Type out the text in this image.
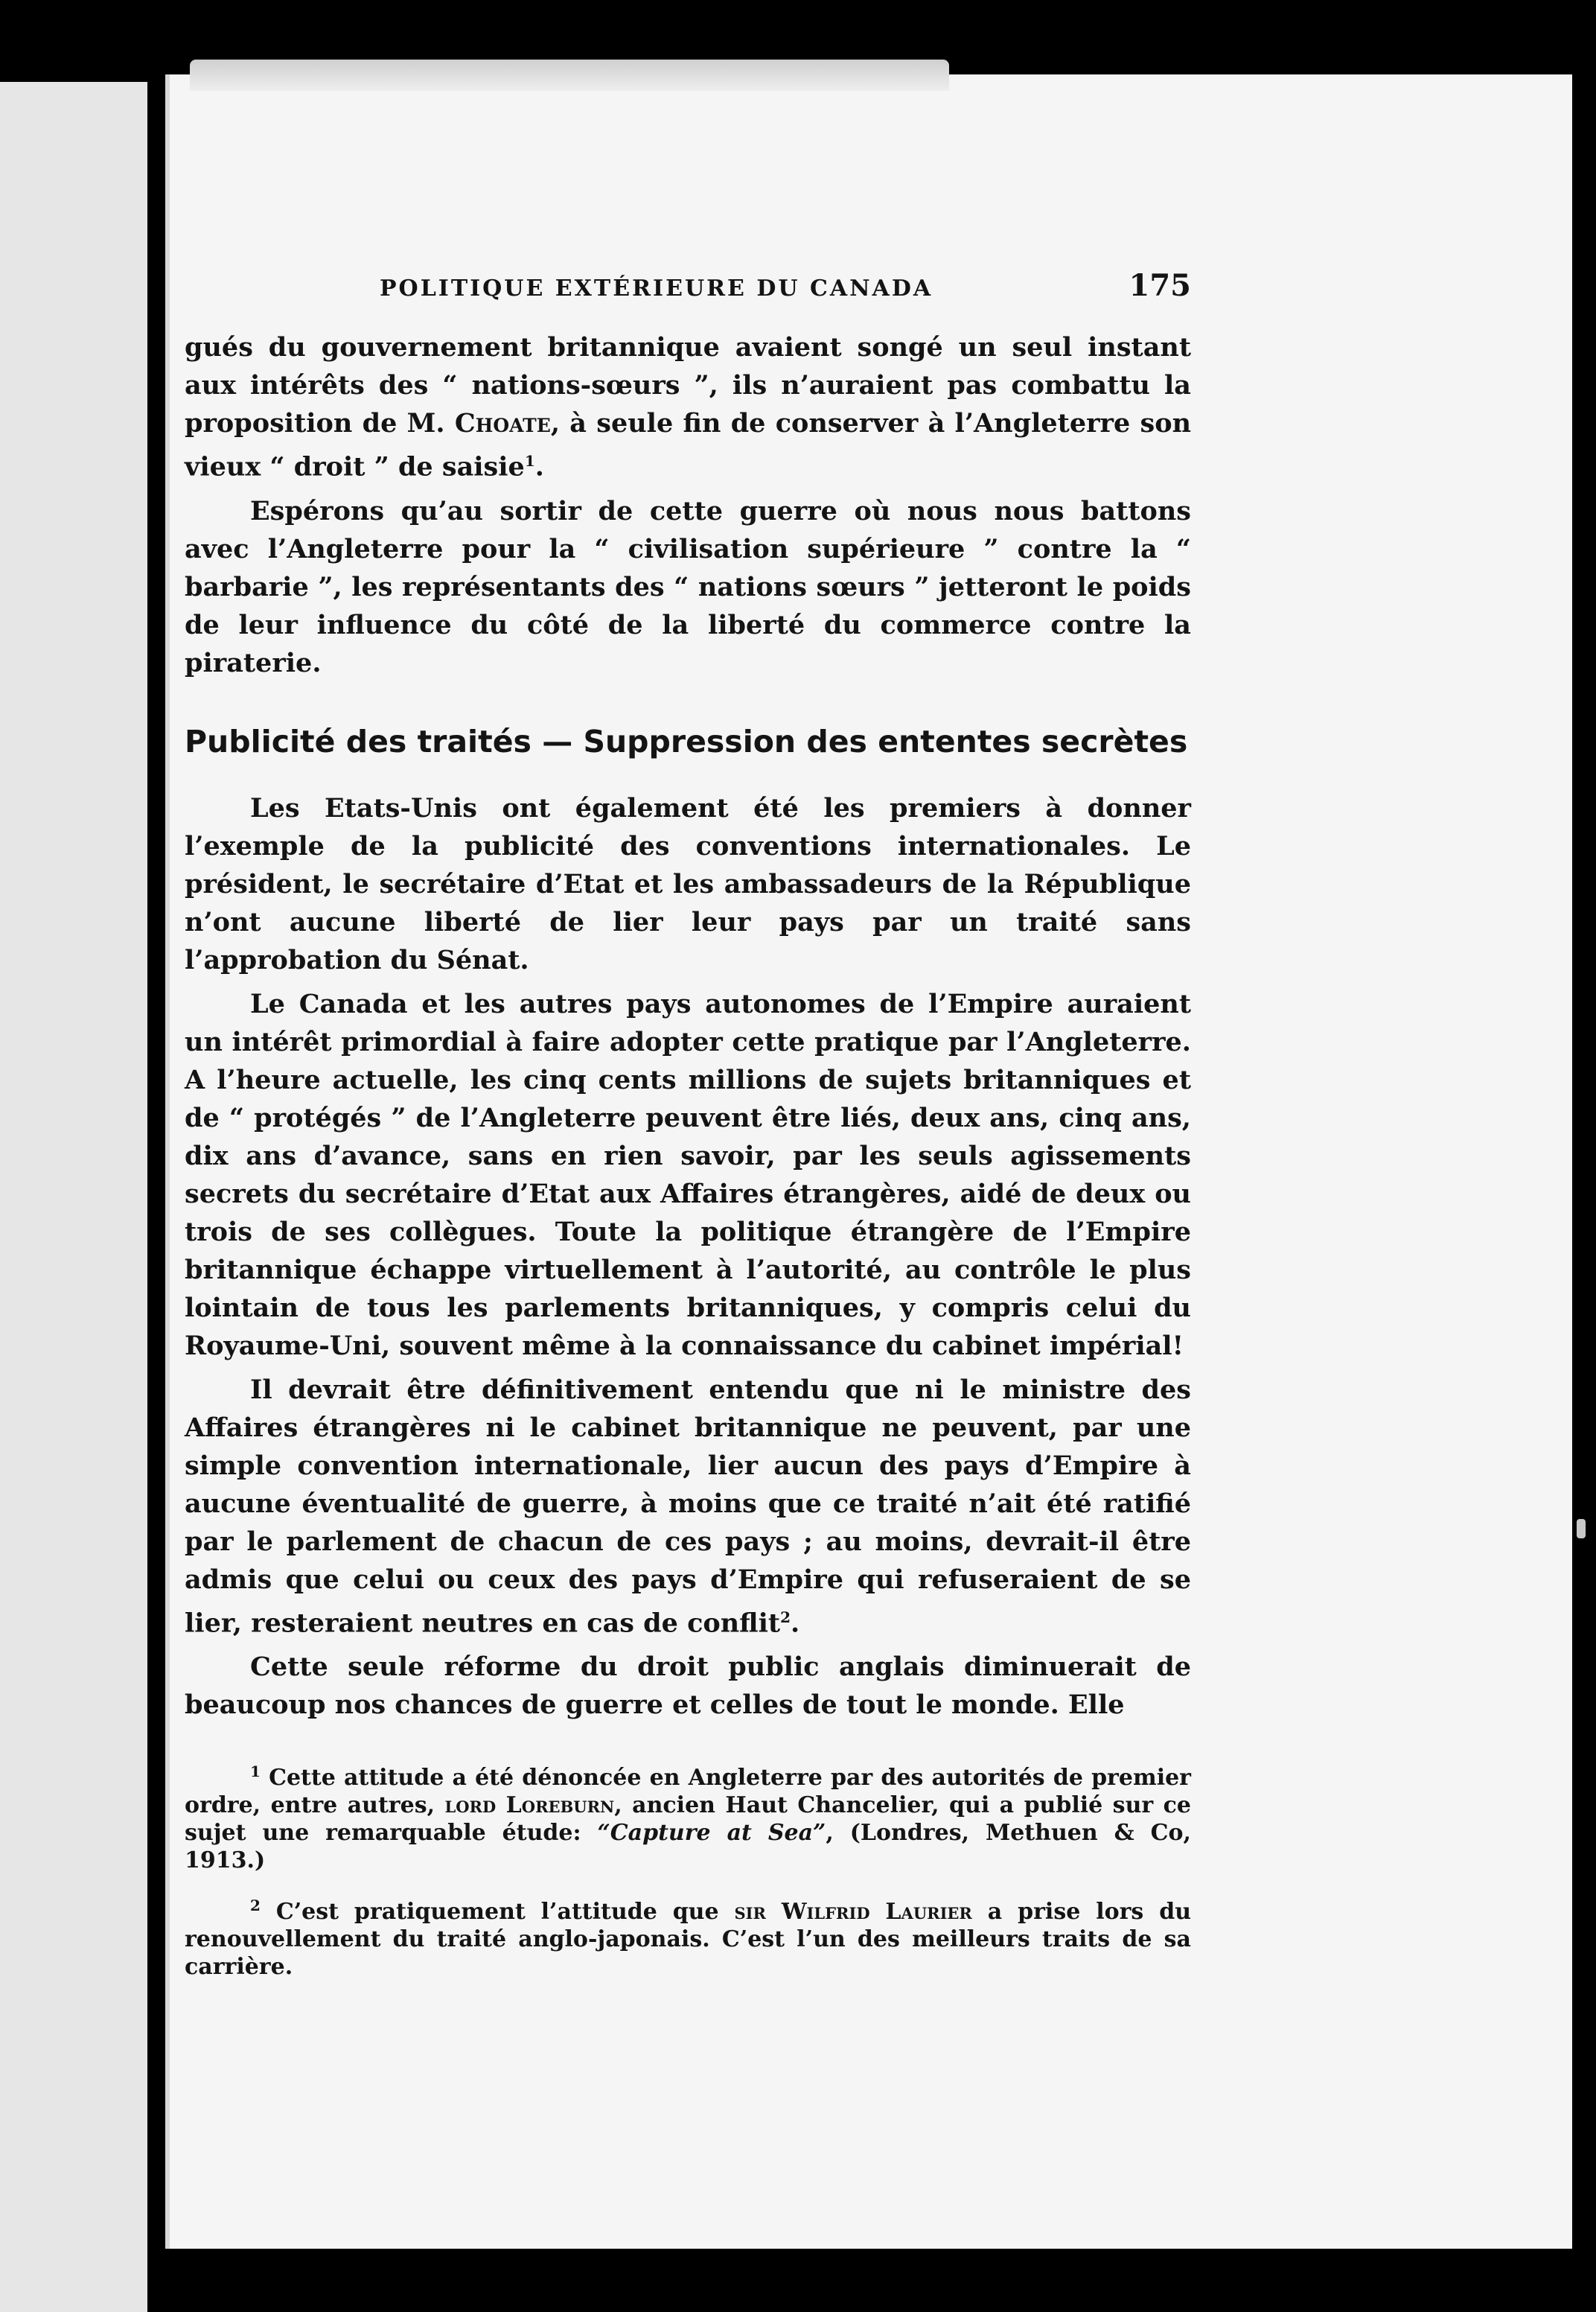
POLITIQUE EXTÉRIEURE DU CANADA	175

gués du gouvernement britannique avaient songé un seul instant aux intérêts des “ nations-sœurs ”, ils n’auraient pas combattu la proposition de M. Choate, à seule fin de conserver à l’Angleterre son vieux “ droit ” de saisie$^1$.

Espérons qu’au sortir de cette guerre où nous nous battons avec l’Angleterre pour la “ civilisation supérieure ” contre la “ barbarie ”, les représentants des “ nations sœurs ” jetteront le poids de leur influence du côté de la liberté du commerce contre la piraterie.

Publicité des traités — Suppression des ententes secrètes

Les Etats-Unis ont également été les premiers à donner l’exemple de la publicité des conventions internationales. Le président, le secrétaire d’Etat et les ambassadeurs de la République n’ont aucune liberté de lier leur pays par un traité sans l’approbation du Sénat.

Le Canada et les autres pays autonomes de l’Empire auraient un intérêt primordial à faire adopter cette pratique par l’Angleterre. A l’heure actuelle, les cinq cents millions de sujets britanniques et de “ protégés ” de l’Angleterre peuvent être liés, deux ans, cinq ans, dix ans d’avance, sans en rien savoir, par les seuls agissements secrets du secrétaire d’Etat aux Affaires étrangères, aidé de deux ou trois de ses collègues. Toute la politique étrangère de l’Empire britannique échappe virtuellement à l’autorité, au contrôle le plus lointain de tous les parlements britanniques, y compris celui du Royaume-Uni, souvent même à la connaissance du cabinet impérial!

Il devrait être définitivement entendu que ni le ministre des Affaires étrangères ni le cabinet britannique ne peuvent, par une simple convention internationale, lier aucun des pays d’Empire à aucune éventualité de guerre, à moins que ce traité n’ait été ratifié par le parlement de chacun de ces pays ; au moins, devrait-il être admis que celui ou ceux des pays d’Empire qui refuseraient de se lier, resteraient neutres en cas de conflit$^2$.

Cette seule réforme du droit public anglais diminuerait de beaucoup nos chances de guerre et celles de tout le monde. Elle

$^1$ Cette attitude a été dénoncée en Angleterre par des autorités de premier ordre, entre autres, lord Loreburn, ancien Haut Chancelier, qui a publié sur ce sujet une remarquable étude: “Capture at Sea”, (Londres, Methuen & Co, 1913.)

$^2$ C’est pratiquement l’attitude que sir Wilfrid Laurier a prise lors du renouvellement du traité anglo-japonais. C’est l’un des meilleurs traits de sa carrière.
